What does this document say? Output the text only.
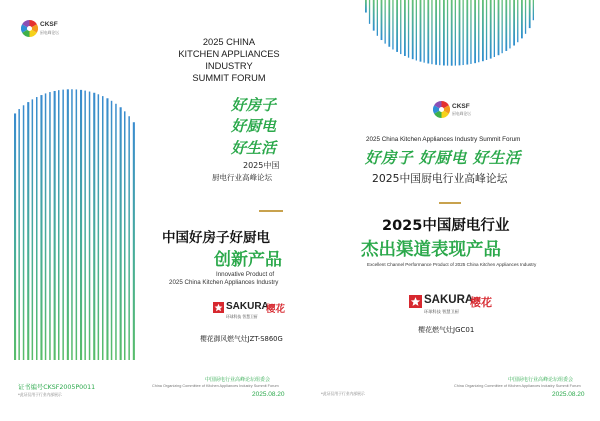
CKSF

厨电峰论坛

2025 CHINA
KITCHEN APPLIANCES
INDUSTRY
SUMMIT FORUM

好房子

好厨电

好生活

2025中国

厨电行业高峰论坛

中国好房子好厨电

创新产品

Innovative Product of

2025 China Kitchen Appliances Industry

SAKURA

樱花

环球科技 智慧卫厨

樱花御风燃气灶JZT-S860G

证书编号CKSF2005P0011

*此证仅用于行业内部展示

中国厨电行业高峰论坛组委会

China Organizing Committee of Kitchen Appliances Industry Summit Forum

2025.08.20

CKSF

厨电峰论坛

2025 China Kitchen Appliances Industry Summit Forum

好房子 好厨电 好生活

2025中国厨电行业高峰论坛

2025中国厨电行业

杰出渠道表现产品

Excellent Channel Performance Product of 2025 China Kitchen Appliances Industry

SAKURA

樱花

环球科技 智慧卫厨

樱花燃气灶JGC01

*此证仅用于行业内部展示

中国厨电行业高峰论坛组委会

China Organizing Committee of Kitchen Appliances Industry Summit Forum

2025.08.20
